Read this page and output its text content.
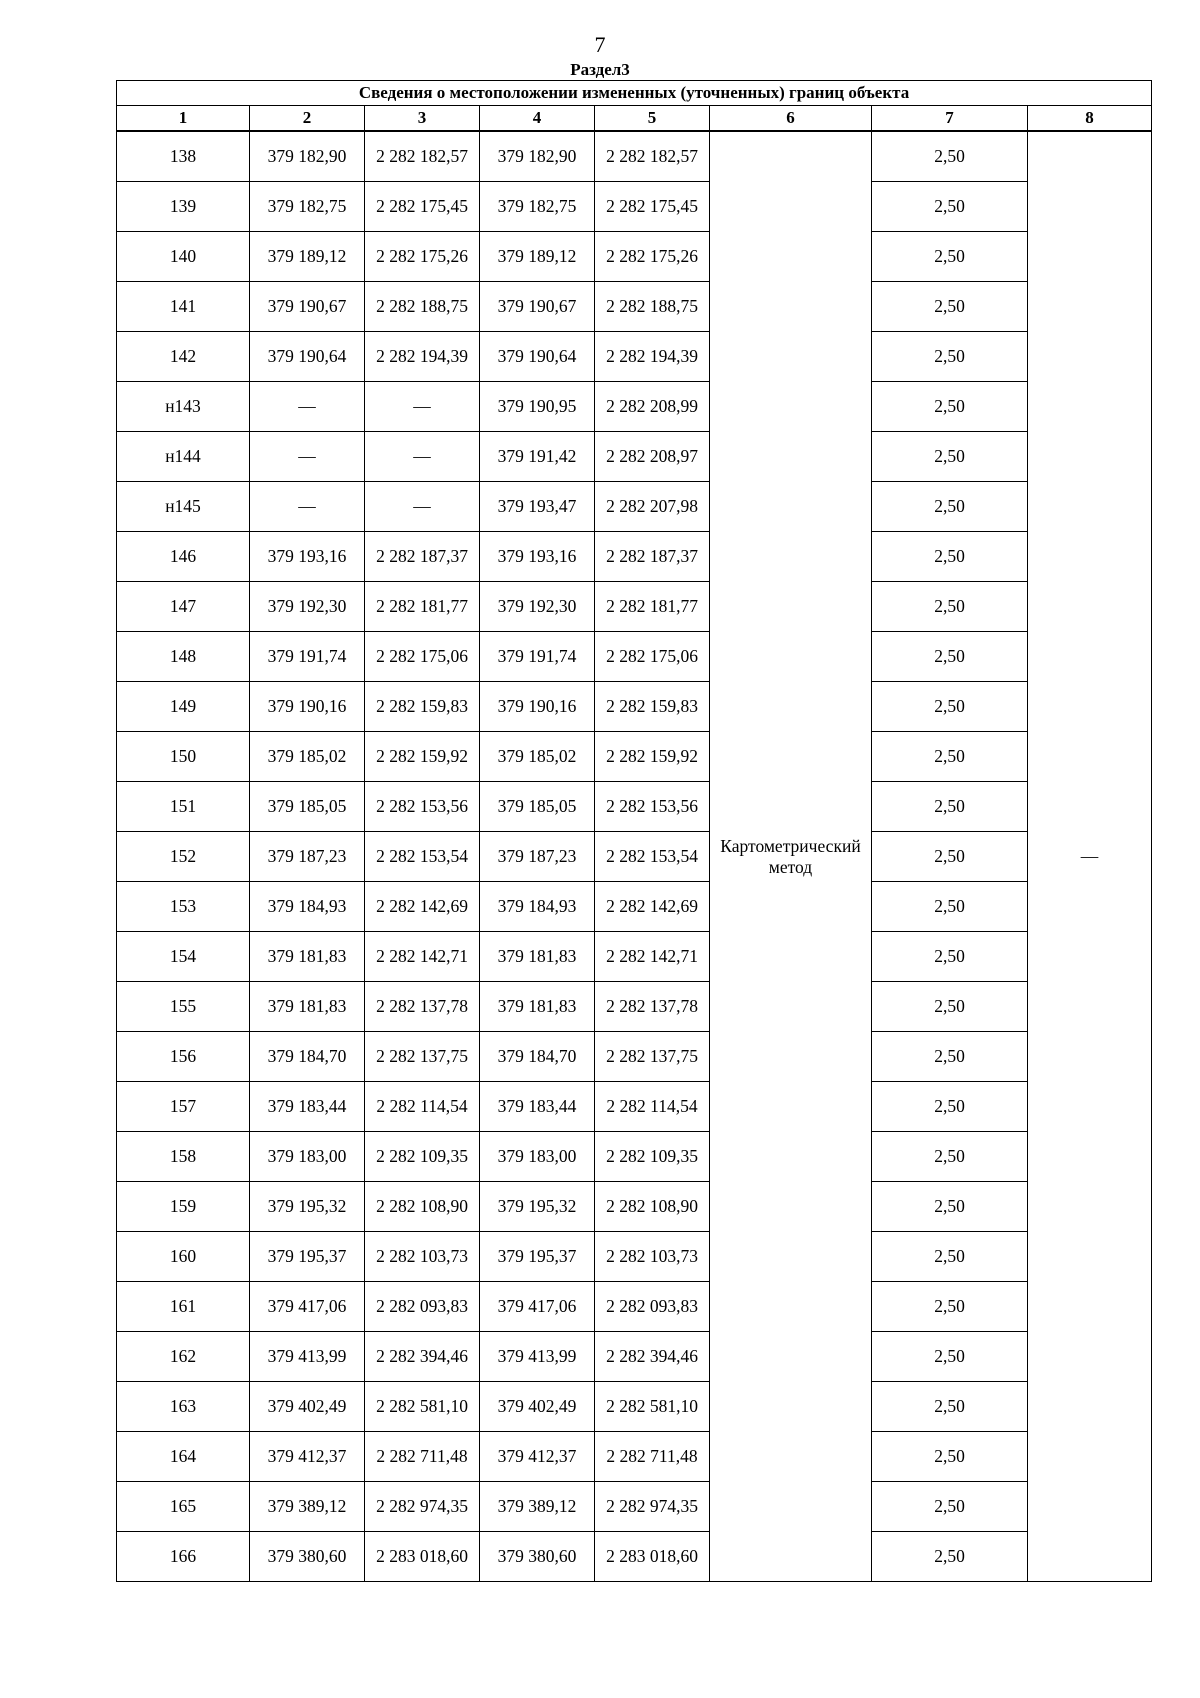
7
Раздел3
Сведения о местоположении измененных (уточненных) границ объекта							
1	2	3	4	5	6	7	8
138	379 182,90	2 282 182,57	379 182,90	2 282 182,57	Картометрический метод	2,50	—
139	379 182,75	2 282 175,45	379 182,75	2 282 175,45		2,50	
140	379 189,12	2 282 175,26	379 189,12	2 282 175,26		2,50	
141	379 190,67	2 282 188,75	379 190,67	2 282 188,75		2,50	
142	379 190,64	2 282 194,39	379 190,64	2 282 194,39		2,50	
н143	—	—	379 190,95	2 282 208,99		2,50	
н144	—	—	379 191,42	2 282 208,97		2,50	
н145	—	—	379 193,47	2 282 207,98		2,50	
146	379 193,16	2 282 187,37	379 193,16	2 282 187,37		2,50	
147	379 192,30	2 282 181,77	379 192,30	2 282 181,77		2,50	
148	379 191,74	2 282 175,06	379 191,74	2 282 175,06		2,50	
149	379 190,16	2 282 159,83	379 190,16	2 282 159,83		2,50	
150	379 185,02	2 282 159,92	379 185,02	2 282 159,92		2,50	
151	379 185,05	2 282 153,56	379 185,05	2 282 153,56		2,50	
152	379 187,23	2 282 153,54	379 187,23	2 282 153,54		2,50	
153	379 184,93	2 282 142,69	379 184,93	2 282 142,69		2,50	
154	379 181,83	2 282 142,71	379 181,83	2 282 142,71		2,50	
155	379 181,83	2 282 137,78	379 181,83	2 282 137,78		2,50	
156	379 184,70	2 282 137,75	379 184,70	2 282 137,75		2,50	
157	379 183,44	2 282 114,54	379 183,44	2 282 114,54		2,50	
158	379 183,00	2 282 109,35	379 183,00	2 282 109,35		2,50	
159	379 195,32	2 282 108,90	379 195,32	2 282 108,90		2,50	
160	379 195,37	2 282 103,73	379 195,37	2 282 103,73		2,50	
161	379 417,06	2 282 093,83	379 417,06	2 282 093,83		2,50	
162	379 413,99	2 282 394,46	379 413,99	2 282 394,46		2,50	
163	379 402,49	2 282 581,10	379 402,49	2 282 581,10		2,50	
164	379 412,37	2 282 711,48	379 412,37	2 282 711,48		2,50	
165	379 389,12	2 282 974,35	379 389,12	2 282 974,35		2,50	
166	379 380,60	2 283 018,60	379 380,60	2 283 018,60		2,50	
